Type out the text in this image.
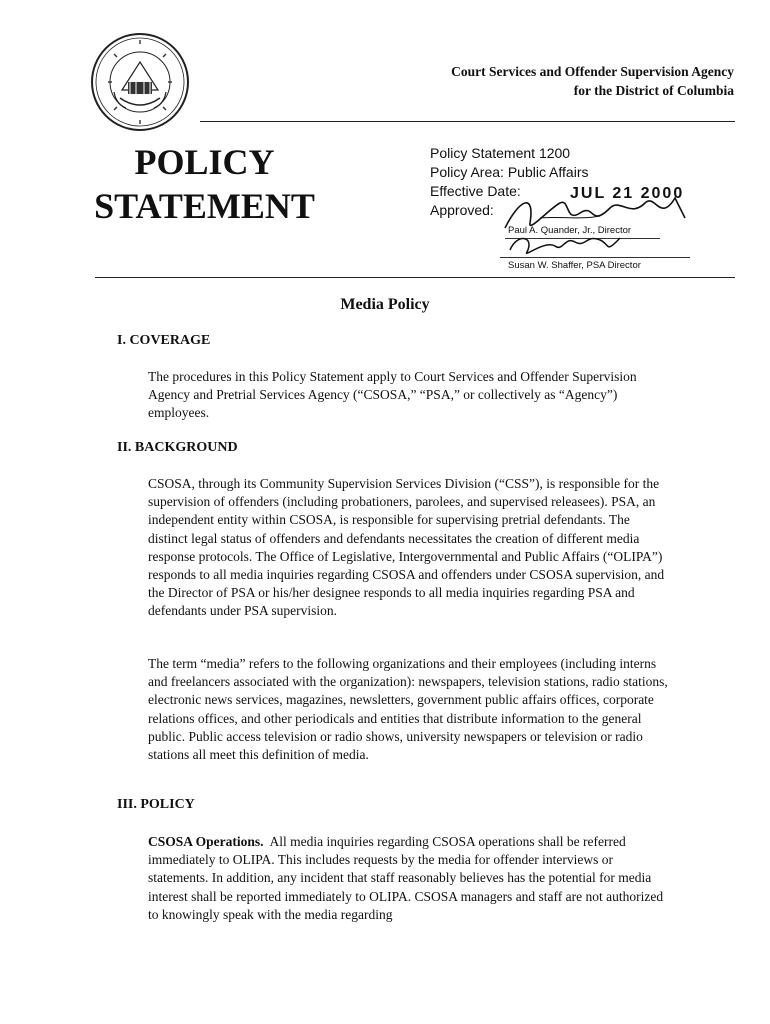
Court Services and Offender Supervision Agency
for the District of Columbia
POLICY
STATEMENT
Policy Statement 1200
Policy Area: Public Affairs
Effective Date:
Approved:
JUL 21 2000
Paul A. Quander, Jr., Director
Susan W. Shaffer, PSA Director
Media Policy
I. COVERAGE
The procedures in this Policy Statement apply to Court Services and Offender Supervision Agency and Pretrial Services Agency (“CSOSA,” “PSA,” or collectively as “Agency”) employees.
II. BACKGROUND
CSOSA, through its Community Supervision Services Division (“CSS”), is responsible for the supervision of offenders (including probationers, parolees, and supervised releasees). PSA, an independent entity within CSOSA, is responsible for supervising pretrial defendants. The distinct legal status of offenders and defendants necessitates the creation of different media response protocols. The Office of Legislative, Intergovernmental and Public Affairs (“OLIPA”) responds to all media inquiries regarding CSOSA and offenders under CSOSA supervision, and the Director of PSA or his/her designee responds to all media inquiries regarding PSA and defendants under PSA supervision.
The term “media” refers to the following organizations and their employees (including interns and freelancers associated with the organization): newspapers, television stations, radio stations, electronic news services, magazines, newsletters, government public affairs offices, corporate relations offices, and other periodicals and entities that distribute information to the general public. Public access television or radio shows, university newspapers or television or radio stations all meet this definition of media.
III. POLICY
CSOSA Operations. All media inquiries regarding CSOSA operations shall be referred immediately to OLIPA. This includes requests by the media for offender interviews or statements. In addition, any incident that staff reasonably believes has the potential for media interest shall be reported immediately to OLIPA. CSOSA managers and staff are not authorized to knowingly speak with the media regarding
